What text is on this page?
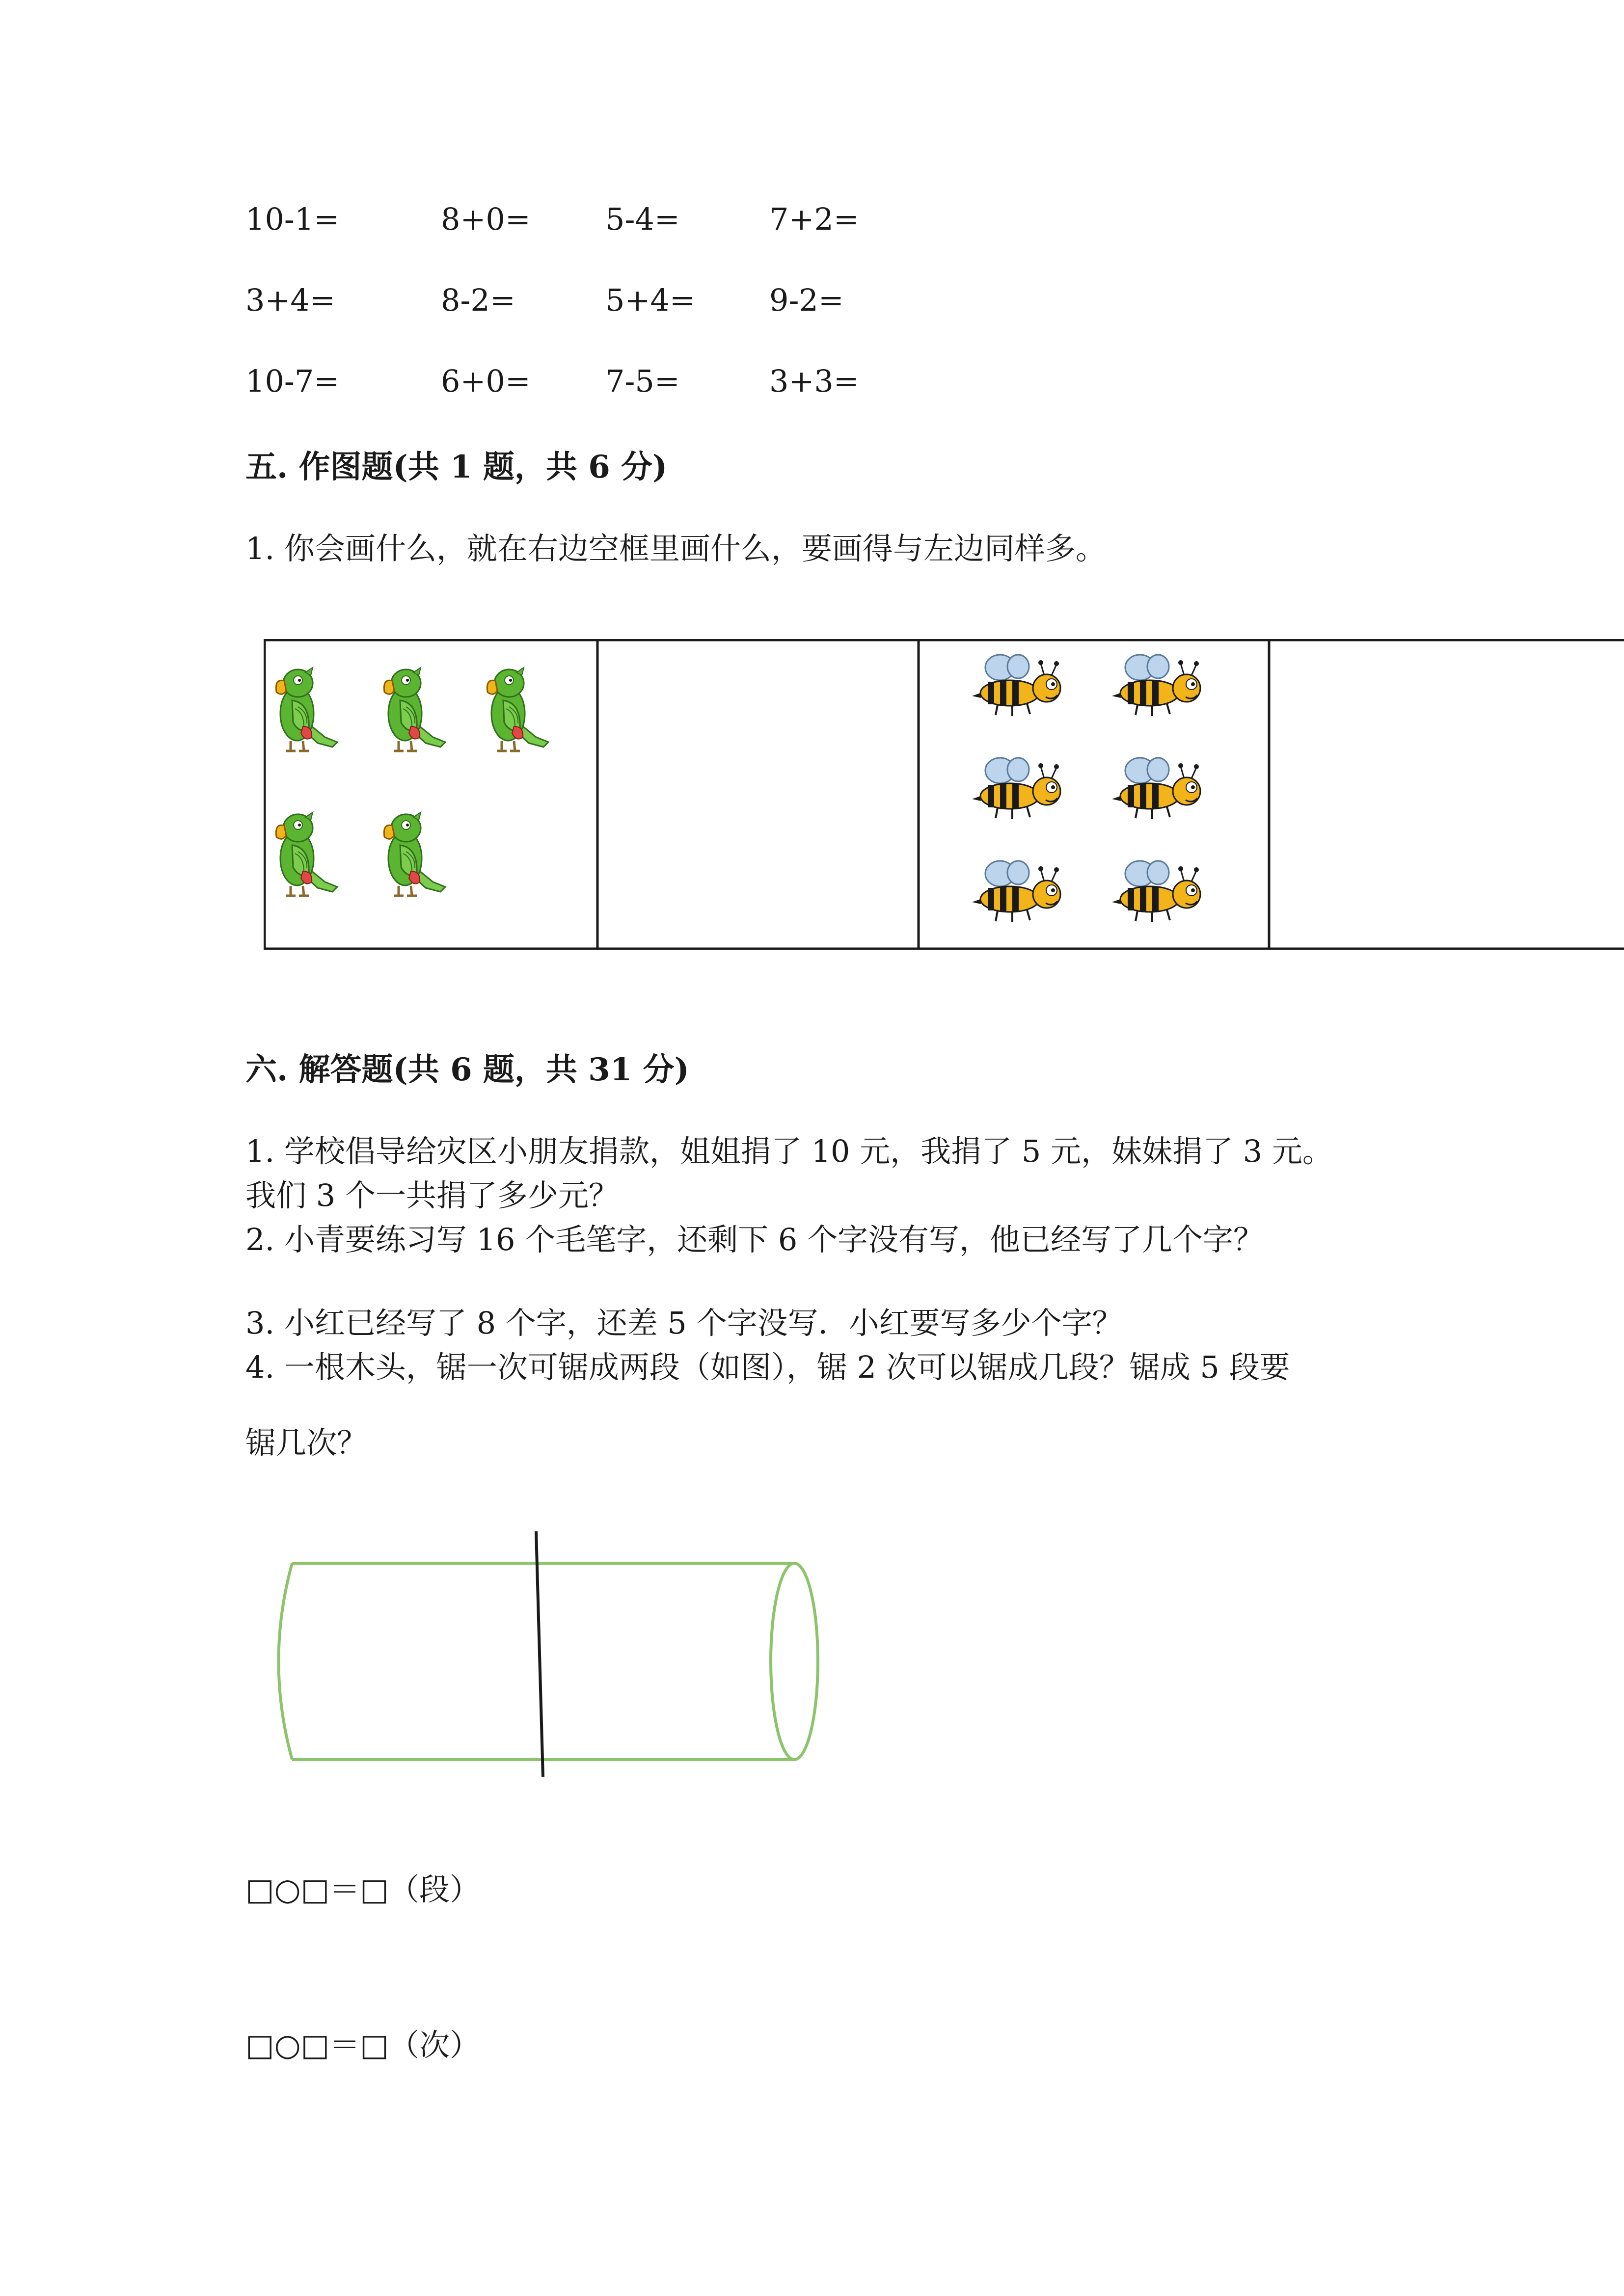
10-1=	8+0= 5-4=	7+2=
3+4=	8-2=	5+4= 9-2=
10-7=	6+0= 7-5=	3+3=
五. 作图题(共 1 题，共 6 分)
1. 你会画什么，就在右边空框里画什么，要画得与左边同样多。
六. 解答题(共 6 题，共 31 分)
1. 学校倡导给灾区小朋友捐款，姐姐捐了 10 元，我捐了 5 元，妹妹捐了 3 元。
我们 3 个一共捐了多少元？
2. 小青要练习写 16 个毛笔字，还剩下 6 个字没有写，他已经写了几个字？
3. 小红已经写了 8 个字，还差 5 个字没写．小红要写多少个字？
4. 一根木头，锯一次可锯成两段（如图），锯 2 次可以锯成几段？锯成 5 段要
锯几次？
□○□＝□（段）
□○□＝□（次）
